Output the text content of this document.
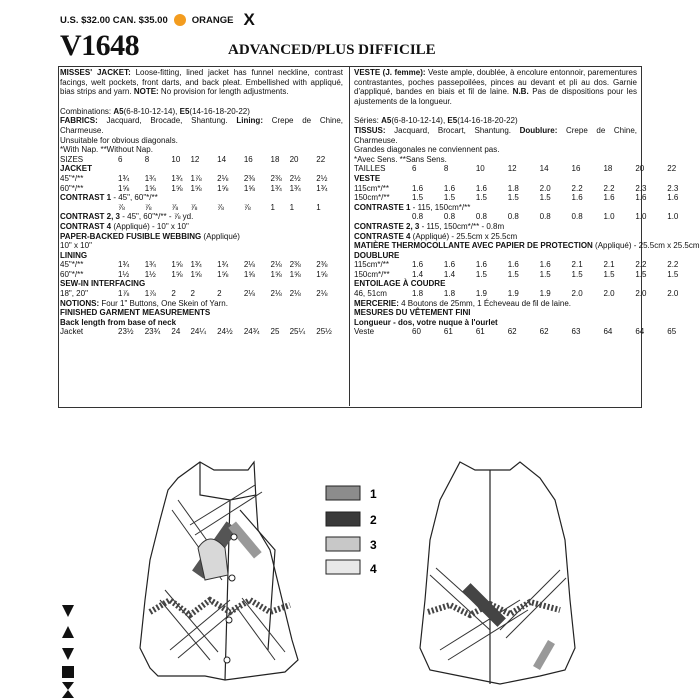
U.S. $32.00 CAN. $35.00	ORANGE X
V1648	ADVANCED/PLUS DIFFICILE
MISSES' JACKET: Loose-fitting, lined jacket has funnel neckline, contrast facings, welt pockets, front darts, and back pleat. Embellished with appliqué, bias strips and yarn. NOTE: No provision for length adjustments.
Combinations: A5(6-8-10-12-14), E5(14-16-18-20-22)
FABRICS: Jacquard, Brocade, Shantung. Lining: Crepe de Chine, Charmeuse.
Unsuitable for obvious diagonals.
*With Nap. **Without Nap.
SIZES	6	8	10	12	14	16	18	20	22
JACKET									
45"*/**	1¾	1¾	1¾	1⅞	2⅛	2⅜	2⅜	2½	2½
60"*/**	1⅝	1⅝	1⅝	1⅝	1⅝	1⅝	1¾	1¾	1¾
CONTRAST 1 - 45", 60"*/**									
	⅞	⅞	⅞	⅞	⅞	⅞	1	1	1
CONTRAST 2, 3 - 45", 60"*/** - ⅞ yd.									
CONTRAST 4 (Appliqué) - 10" x 10"									
PAPER-BACKED FUSIBLE WEBBING (Appliqué)									
10" x 10"									
LINING									
45"*/**	1¾	1¾	1⅝	1¾	1¾	2⅛	2⅛	2⅜	2⅜
60"*/**	1½	1½	1⅝	1⅝	1⅝	1⅝	1⅝	1⅝	1⅝
SEW-IN INTERFACING									
18", 20"	1⅞	1⅞	2	2	2	2⅛	2⅛	2⅛	2⅛
NOTIONS: Four 1" Buttons, One Skein of Yarn.									
FINISHED GARMENT MEASUREMENTS									
Back length from base of neck									
Jacket	23½	23¾	24	24¼	24½	24¾	25	25¼	25½
VESTE (J. femme): Veste ample, doublée, à encolure entonnoir, parementures contrastantes, poches passepoilées, pinces au devant et pli au dos. Garnie d'appliqué, bandes en biais et fil de laine. N.B. Pas de dispositions pour les ajustements de la longueur.
Séries: A5(6-8-10-12-14), E5(14-16-18-20-22)
TISSUS: Jacquard, Brocart, Shantung. Doublure: Crepe de Chine, Charmeuse.
Grandes diagonales ne conviennent pas.
*Avec Sens. **Sans Sens.
TAILLES	6	8	10	12	14	16	18	20	22
VESTE									
115cm*/**	1.6	1.6	1.6	1.8	2.0	2.2	2.2	2.3	2.3
150cm*/**	1.5	1.5	1.5	1.5	1.5	1.6	1.6	1.6	1.6
CONTRASTE 1 - 115, 150cm*/**									
	0.8	0.8	0.8	0.8	0.8	0.8	1.0	1.0	1.0
CONTRASTE 2, 3 - 115, 150cm*/** - 0.8m									
CONTRASTE 4 (Appliqué) - 25.5cm x 25.5cm									
MATIÈRE THERMOCOLLANTE AVEC PAPIER DE PROTECTION (Appliqué) - 25.5cm x 25.5cm									
DOUBLURE									
115cm*/**	1.6	1.6	1.6	1.6	1.6	2.1	2.1	2.2	2.2
150cm*/**	1.4	1.4	1.5	1.5	1.5	1.5	1.5	1.5	1.5
ENTOILAGE À COUDRE									
46, 51cm	1.8	1.8	1.9	1.9	1.9	2.0	2.0	2.0	2.0
MERCERIE: 4 Boutons de 25mm, 1 Écheveau de fil de laine.									
MESURES DU VÊTEMENT FINI									
Longueur - dos, votre nuque à l'ourlet									
Veste	60	61	61	62	62	63	64	64	65
1
2
3
4
